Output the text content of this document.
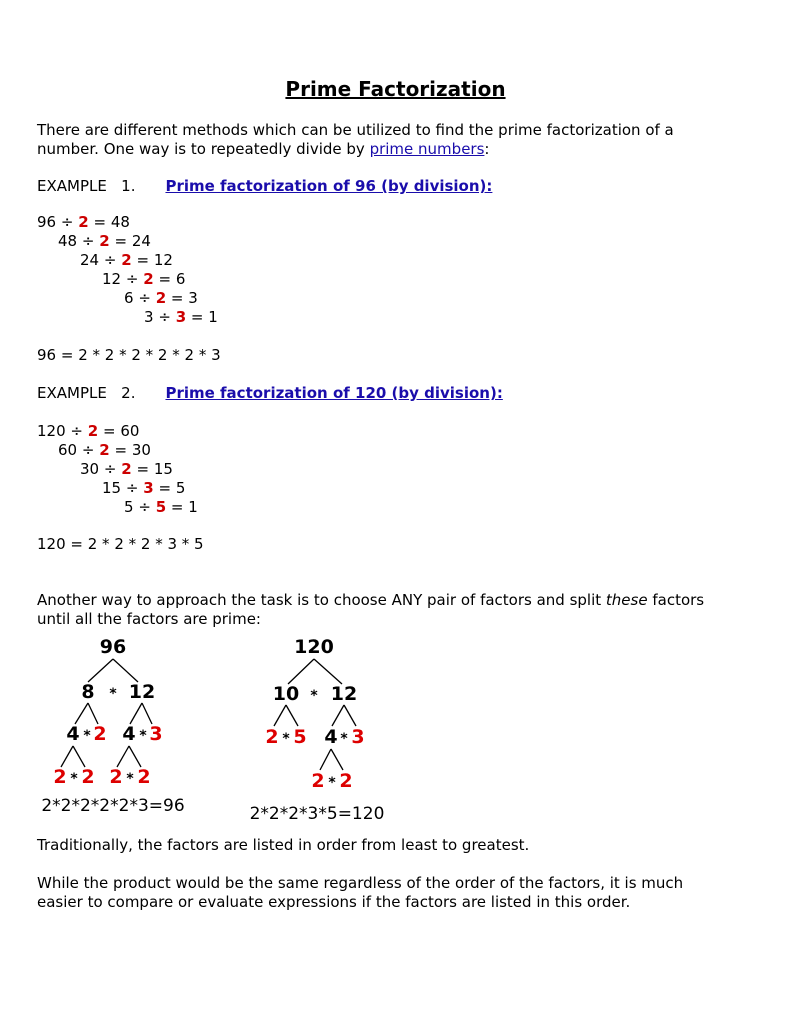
Prime Factorization
There are different methods which can be utilized to find the prime factorization of a
number. One way is to repeatedly divide by prime numbers:
EXAMPLE 1. Prime factorization of 96 (by division):
96 ÷ 2 = 48
48 ÷ 2 = 24
24 ÷ 2 = 12
12 ÷ 2 = 6
6 ÷ 2 = 3
3 ÷ 3 = 1
96 = 2 * 2 * 2 * 2 * 2 * 3
EXAMPLE 2. Prime factorization of 120 (by division):
120 ÷ 2 = 60
60 ÷ 2 = 30
30 ÷ 2 = 15
15 ÷ 3 = 5
5 ÷ 5 = 1
120 = 2 * 2 * 2 * 3 * 5
Another way to approach the task is to choose ANY pair of factors and split these factors
until all the factors are prime:
96
8 * 12
4 * 2 4 * 3
2 * 2 2 * 2
2*2*2*2*2*3=96
120
10 * 12
2 * 5 4 * 3
2 * 2
2*2*2*3*5=120
Traditionally, the factors are listed in order from least to greatest.
While the product would be the same regardless of the order of the factors, it is much
easier to compare or evaluate expressions if the factors are listed in this order.
